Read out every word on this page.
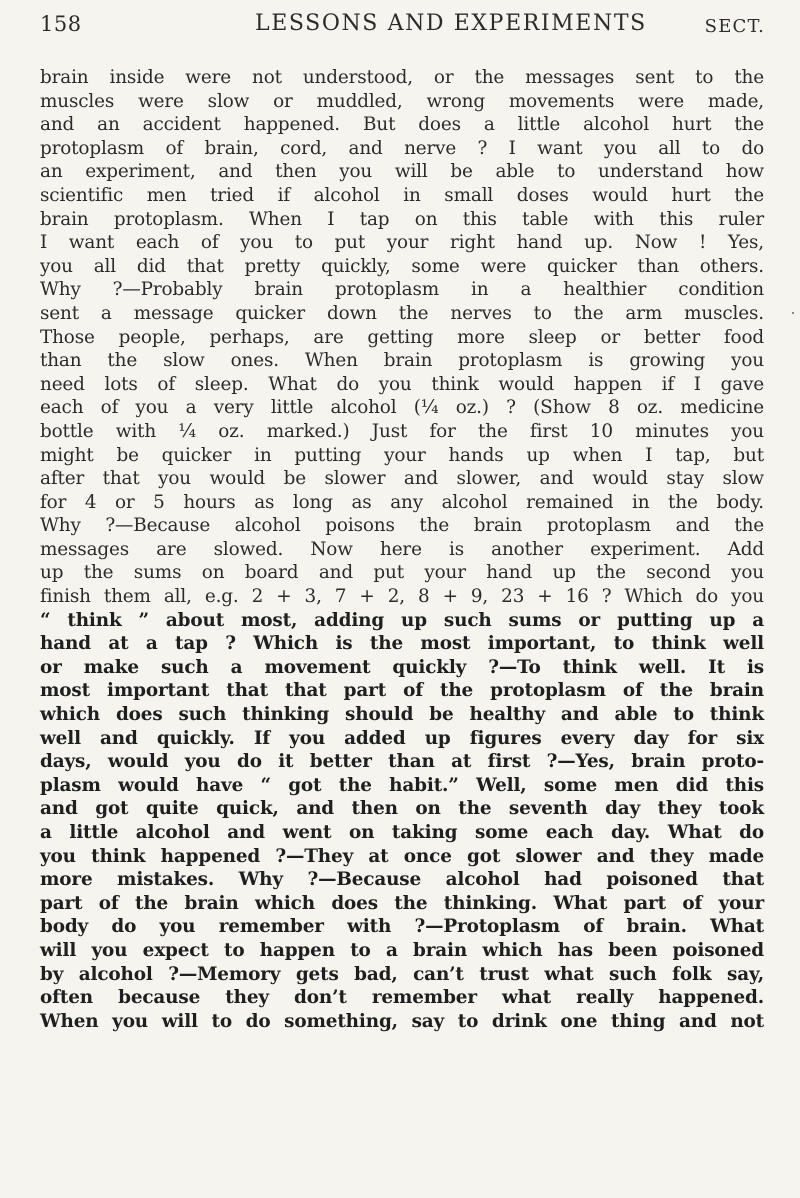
158	LESSONS AND EXPERIMENTS	SECT.
brain inside were not understood, or the messages sent to the
muscles were slow or muddled, wrong movements were made,
and an accident happened. But does a little alcohol hurt the
protoplasm of brain, cord, and nerve ? I want you all to do
an experiment, and then you will be able to understand how
scientific men tried if alcohol in small doses would hurt the
brain protoplasm. When I tap on this table with this ruler
I want each of you to put your right hand up. Now ! Yes,
you all did that pretty quickly, some were quicker than others.
Why ?—Probably brain protoplasm in a healthier condition
sent a message quicker down the nerves to the arm muscles.
Those people, perhaps, are getting more sleep or better food
than the slow ones. When brain protoplasm is growing you
need lots of sleep. What do you think would happen if I gave
each of you a very little alcohol (¼ oz.) ? (Show 8 oz. medicine
bottle with ¼ oz. marked.) Just for the first 10 minutes you
might be quicker in putting your hands up when I tap, but
after that you would be slower and slower, and would stay slow
for 4 or 5 hours as long as any alcohol remained in the body.
Why ?—Because alcohol poisons the brain protoplasm and the
messages are slowed. Now here is another experiment. Add
up the sums on board and put your hand up the second you
finish them all, e.g. 2 + 3, 7 + 2, 8 + 9, 23 + 16 ? Which do you
“ think ” about most, adding up such sums or putting up a
hand at a tap ? Which is the most important, to think well
or make such a movement quickly ?—To think well. It is
most important that that part of the protoplasm of the brain
which does such thinking should be healthy and able to think
well and quickly. If you added up figures every day for six
days, would you do it better than at first ?—Yes, brain proto-
plasm would have “ got the habit.” Well, some men did this
and got quite quick, and then on the seventh day they took
a little alcohol and went on taking some each day. What do
you think happened ?—They at once got slower and they made
more mistakes. Why ?—Because alcohol had poisoned that
part of the brain which does the thinking. What part of your
body do you remember with ?—Protoplasm of brain. What
will you expect to happen to a brain which has been poisoned
by alcohol ?—Memory gets bad, can’t trust what such folk say,
often because they don’t remember what really happened.
When you will to do something, say to drink one thing and not
